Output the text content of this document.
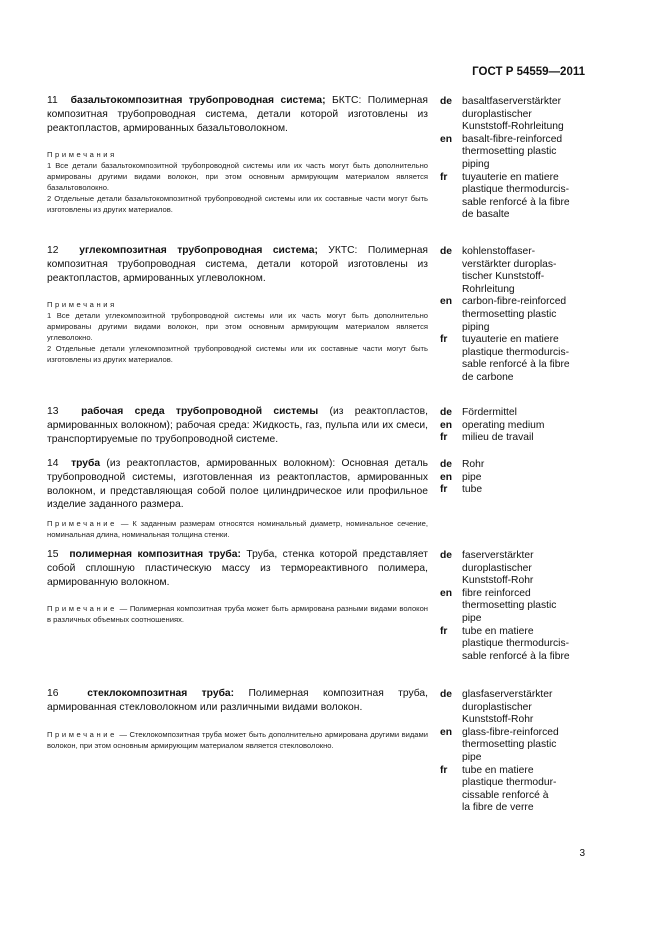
ГОСТ Р 54559—2011

11 базальтокомпозитная трубопроводная система; БКТС: Полимерная композитная трубопроводная система, детали которой изготовлены из реактопластов, армированных базальтоволокном.

Примечания
1 Все детали базальтокомпозитной трубопроводной системы или их часть могут быть дополнительно армированы другими видами волокон, при этом основным армирующим материалом является базальтоволокно.
2 Отдельные детали базальтокомпозитной трубопроводной системы или их составные части могут быть изготовлены из других материалов.

de basaltfaserverstärkter
duroplastischer
Kunststoff-Rohrleitung
en basalt-fibre-reinforced
thermosetting plastic
piping
fr	tuyauterie en matiere
plastique thermodurcis-
sable renforcé à la fibre
de basalte

12 углекомпозитная трубопроводная система; УКТС: Полимерная композитная трубопроводная система, детали которой изготовлены из реактопластов, армированных углеволокном.

Примечания
1 Все детали углекомпозитной трубопроводной системы или их часть могут быть дополнительно армированы другими видами волокон, при этом основным армирующим материалом является углеволокно.
2 Отдельные детали углекомпозитной трубопроводной системы или их составные части могут быть изготовлены из других материалов.

de kohlenstoffaser-
verstärkter duroplas-
tischer Kunststoff-
Rohrleitung
en carbon-fibre-reinforced
thermosetting plastic
piping
fr	tuyauterie en matiere
plastique thermodurcis-
sable renforcé à la fibre
de carbone

13 рабочая среда трубопроводной системы (из реактопластов, армированных волокном); рабочая среда: Жидкость, газ, пульпа или их смеси, транспортируемые по трубопроводной системе.

de Fördermittel
en operating medium
fr	milieu de travail

14 труба (из реактопластов, армированных волокном): Основная деталь трубопроводной системы, изготовленная из реактопластов, армированных волокном, и представляющая собой полое цилиндрическое или профильное изделие заданного размера.

Примечание — К заданным размерам относятся номинальный диаметр, номинальное сечение, номинальная длина, номинальная толщина стенки.

de Rohr
en pipe
fr	tube

15 полимерная композитная труба: Труба, стенка которой представляет собой сплошную пластическую массу из термореактивного полимера, армированную волокном.

Примечание — Полимерная композитная труба может быть армирована разными видами волокон в различных объемных соотношениях.

de faserverstärkter
duroplastischer
Kunststoff-Rohr
en fibre reinforced
thermosetting plastic
pipe
fr	tube en matiere
plastique thermodurcis-
sable renforcé à la fibre

16	стеклокомпозитная труба: Полимерная композитная труба, армированная стекловолокном или различными видами волокон.

Примечание — Стеклокомпозитная труба может быть дополнительно армирована другими видами волокон, при этом основным армирующим материалом является стекловолокно.

de glasfaserverstärkter
duroplastischer
Kunststoff-Rohr
en glass-fibre-reinforced
thermosetting plastic
pipe
fr	tube en matiere
plastique thermodur-
cissable renforcé à
la fibre de verre
3
